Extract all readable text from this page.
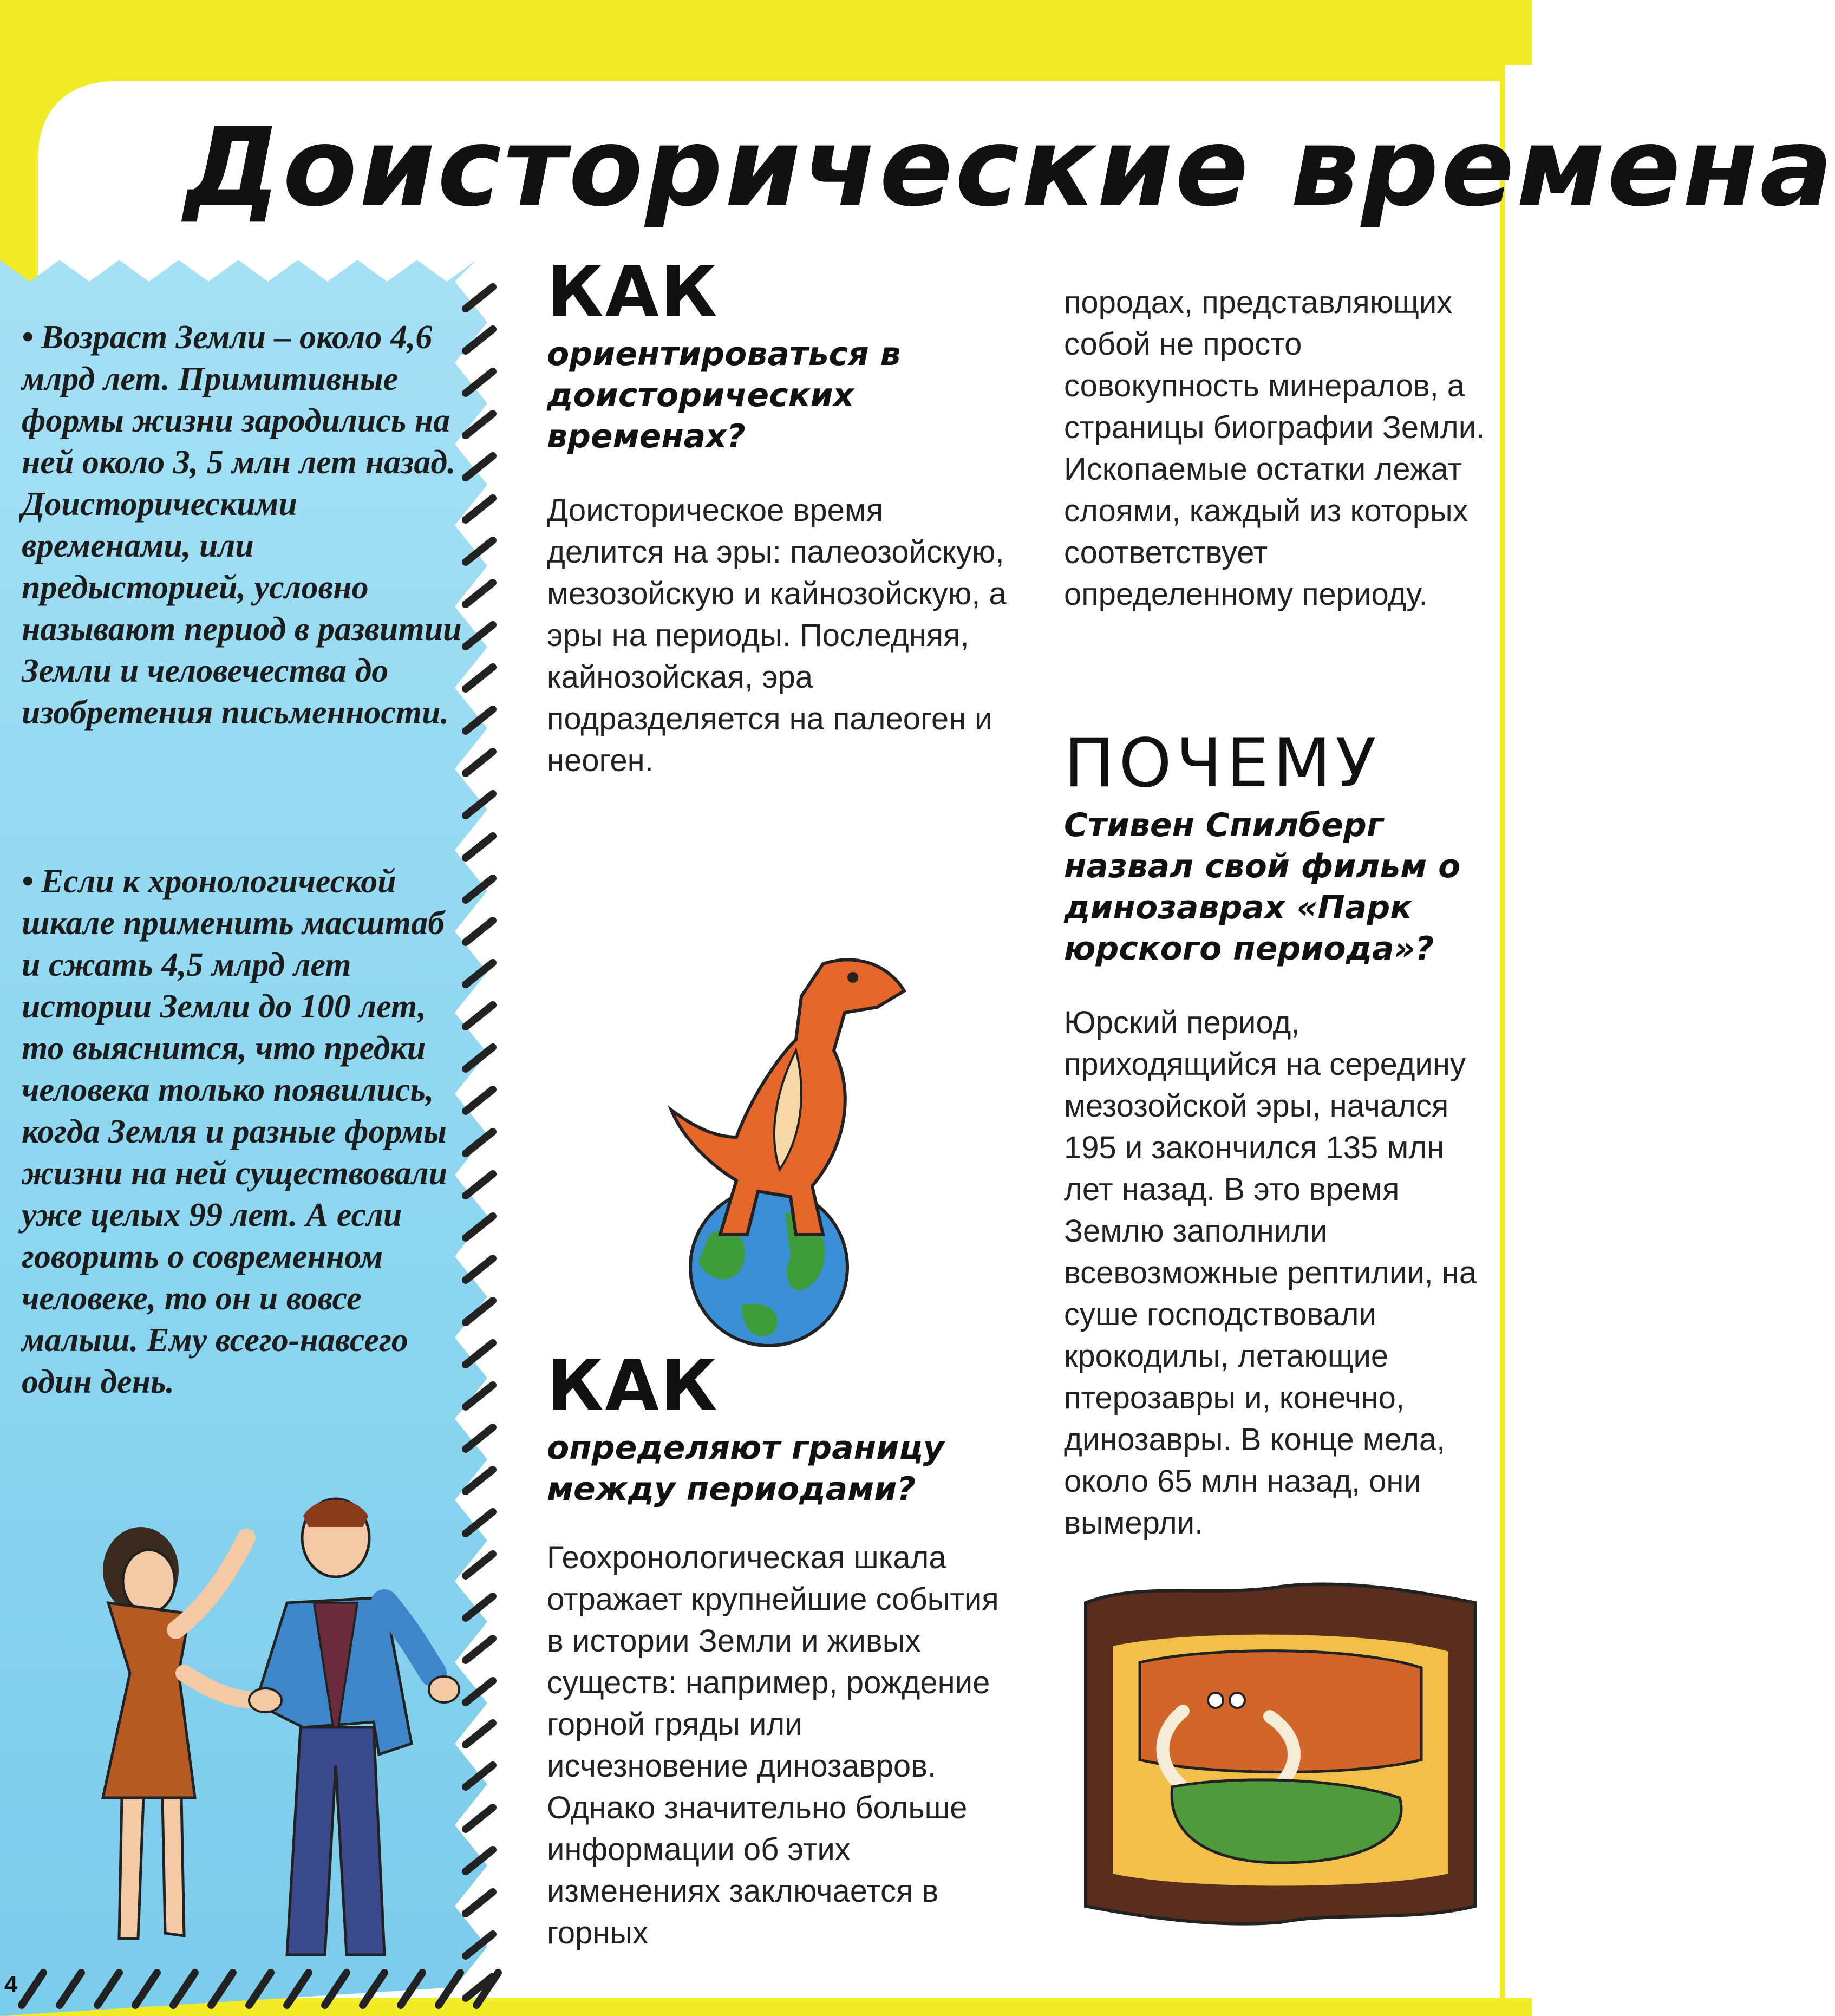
Доисторические времена
• Возраст Земли – около 4,6 млрд лет. Примитивные формы жизни зародились на ней около 3, 5 млн лет назад. Доисторическими временами, или предысторией, условно называют период в развитии Земли и человечества до изобретения письменности.
• Если к хронологической шкале применить масштаб и сжать 4,5 млрд лет истории Земли до 100 лет, то выяснится, что предки человека только появились, когда Земля и разные формы жизни на ней существовали уже целых 99 лет. А если говорить о современном человеке, то он и вовсе малыш. Ему всего-навсего один день.
КАК
ориентироваться в доисторических временах?
Доисторическое время делится на эры: палеозойскую, мезозойскую и кайнозойскую, а эры на периоды. Последняя, кайнозойская, эра подразделяется на палеоген и неоген.
КАК
определяют границу между периодами?
Геохронологическая шкала отражает крупнейшие события в истории Земли и живых существ: например, рождение горной гряды или исчезновение динозавров. Однако значительно больше информации об этих изменениях заключается в горных
породах, представляющих собой не просто совокупность минералов, а страницы биографии Земли. Ископаемые остатки лежат слоями, каждый из которых соответствует определенному периоду.
ПОЧЕМУ
Стивен Спилберг назвал свой фильм о динозаврах «Парк юрского периода»?
Юрский период, приходящийся на середину мезозойской эры, начался 195 и закончился 135 млн лет назад. В это время Землю заполнили всевозможные рептилии, на суше господствовали крокодилы, летающие птерозавры и, конечно, динозавры. В конце мела, около 65 млн назад, они вымерли.
4
